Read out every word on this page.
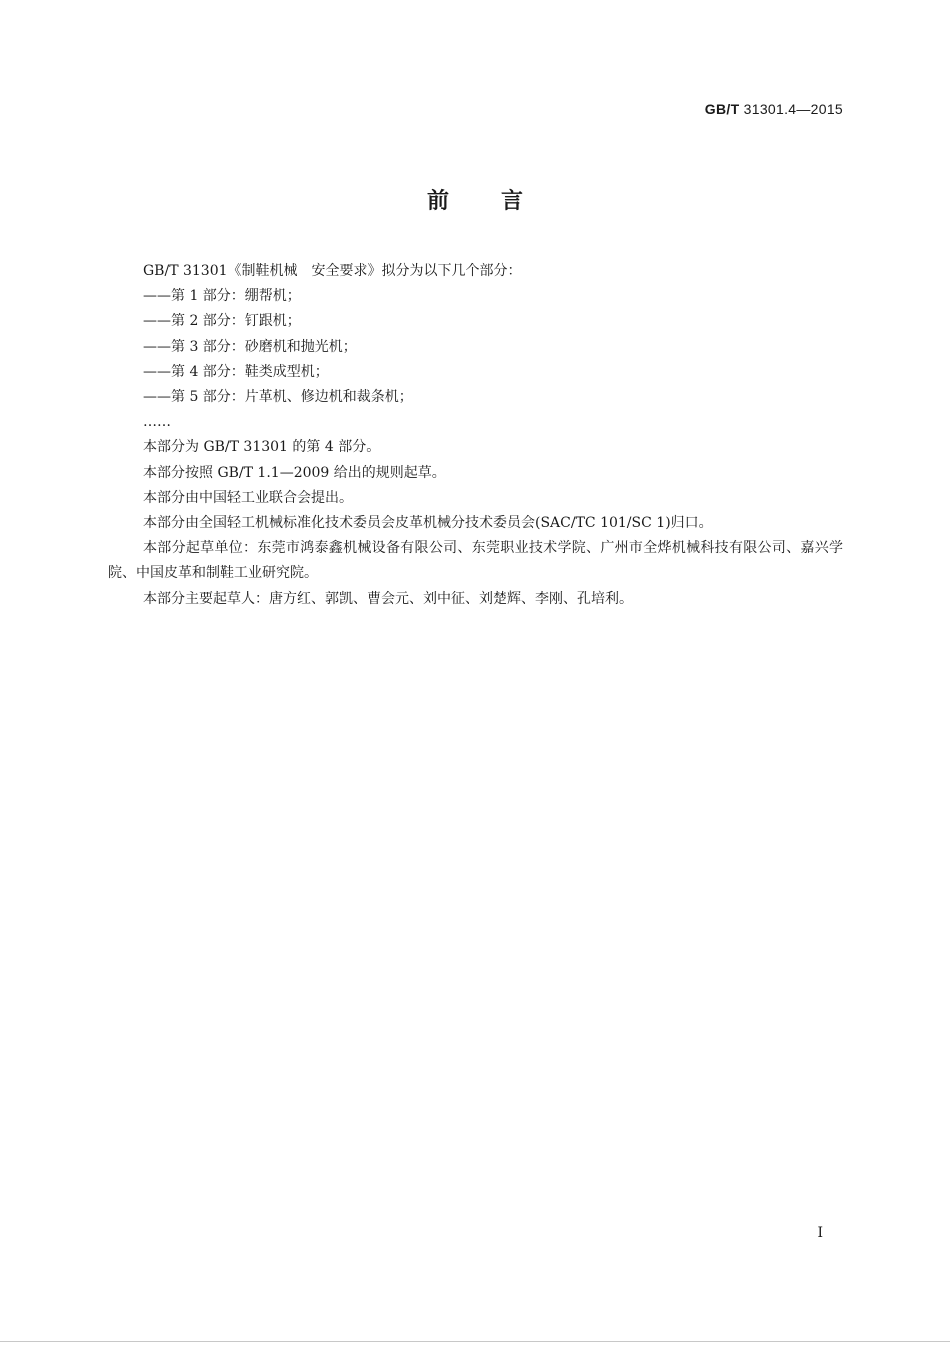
GB/T 31301.4—2015
前言

GB/T 31301《制鞋机械　安全要求》拟分为以下几个部分：

——第 1 部分：绷帮机；

——第 2 部分：钉跟机；

——第 3 部分：砂磨机和抛光机；

——第 4 部分：鞋类成型机；

——第 5 部分：片革机、修边机和裁条机；

……

本部分为 GB/T 31301 的第 4 部分。

本部分按照 GB/T 1.1—2009 给出的规则起草。

本部分由中国轻工业联合会提出。

本部分由全国轻工机械标准化技术委员会皮革机械分技术委员会(SAC/TC 101/SC 1)归口。

本部分起草单位：东莞市鸿泰鑫机械设备有限公司、东莞职业技术学院、广州市全烨机械科技有限公司、嘉兴学院、中国皮革和制鞋工业研究院。

本部分主要起草人：唐方红、郭凯、曹会元、刘中征、刘楚辉、李刚、孔培利。

I
